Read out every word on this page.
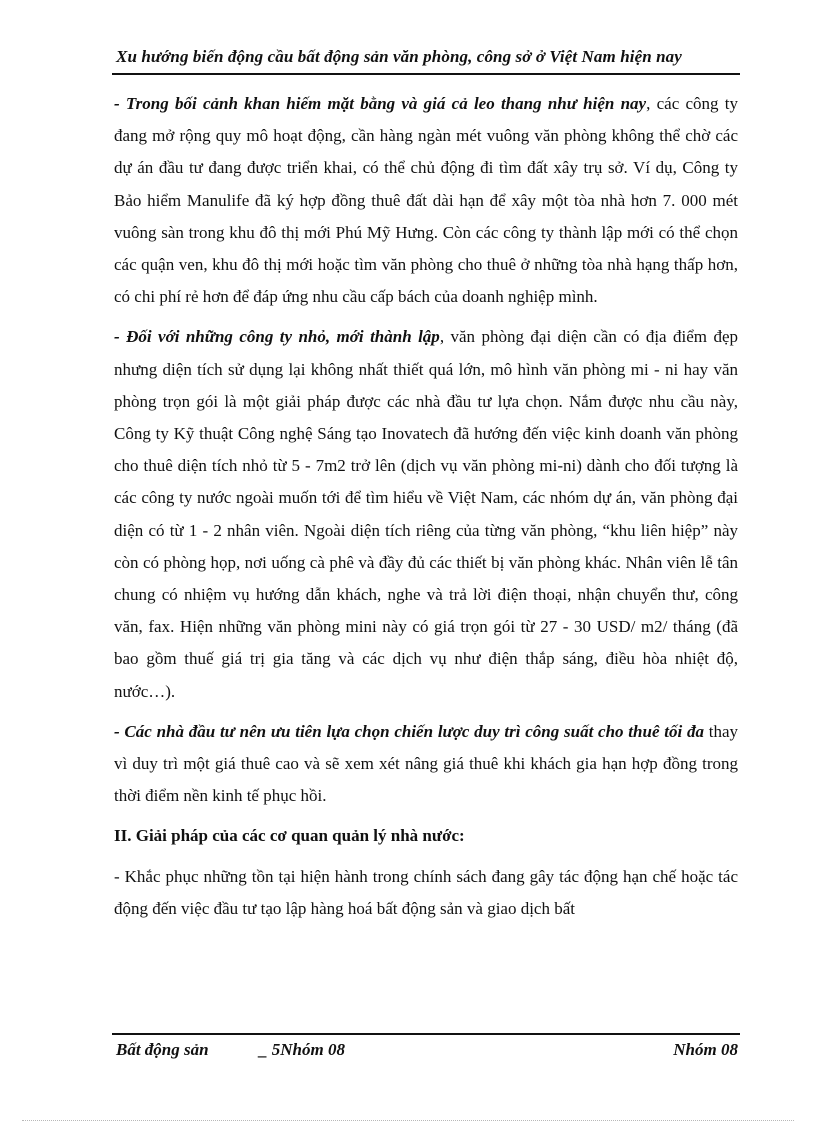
Xu hướng biến động cầu bất động sản văn phòng, công sở ở Việt Nam hiện nay

- Trong bối cảnh khan hiếm mặt bằng và giá cả leo thang như hiện nay, các công ty đang mở rộng quy mô hoạt động, cần hàng ngàn mét vuông văn phòng không thể chờ các dự án đầu tư đang được triển khai, có thể chủ động đi tìm đất xây trụ sở. Ví dụ, Công ty Bảo hiểm Manulife đã ký hợp đồng thuê đất dài hạn để xây một tòa nhà hơn 7. 000 mét vuông sàn trong khu đô thị mới Phú Mỹ Hưng. Còn các công ty thành lập mới có thể chọn các quận ven, khu đô thị mới hoặc tìm văn phòng cho thuê ở những tòa nhà hạng thấp hơn, có chi phí rẻ hơn để đáp ứng nhu cầu cấp bách của doanh nghiệp mình.

- Đối với những công ty nhỏ, mới thành lập, văn phòng đại diện cần có địa điểm đẹp nhưng diện tích sử dụng lại không nhất thiết quá lớn, mô hình văn phòng mi - ni hay văn phòng trọn gói là một giải pháp được các nhà đầu tư lựa chọn. Nắm được nhu cầu này, Công ty Kỹ thuật Công nghệ Sáng tạo Inovatech đã hướng đến việc kinh doanh văn phòng cho thuê diện tích nhỏ từ 5 - 7m2 trở lên (dịch vụ văn phòng mi-ni) dành cho đối tượng là các công ty nước ngoài muốn tới để tìm hiểu về Việt Nam, các nhóm dự án, văn phòng đại diện có từ 1 - 2 nhân viên. Ngoài diện tích riêng của từng văn phòng, “khu liên hiệp” này còn có phòng họp, nơi uống cà phê và đầy đủ các thiết bị văn phòng khác. Nhân viên lễ tân chung có nhiệm vụ hướng dẫn khách, nghe và trả lời điện thoại, nhận chuyển thư, công văn, fax. Hiện những văn phòng mini này có giá trọn gói từ 27 - 30 USD/ m2/ tháng (đã bao gồm thuế giá trị gia tăng và các dịch vụ như điện thắp sáng, điều hòa nhiệt độ, nước…).

- Các nhà đầu tư nên ưu tiên lựa chọn chiến lược duy trì công suất cho thuê tối đa thay vì duy trì một giá thuê cao và sẽ xem xét nâng giá thuê khi khách gia hạn hợp đồng trong thời điểm nền kinh tế phục hồi.

II. Giải pháp của các cơ quan quản lý nhà nước:

- Khắc phục những tồn tại hiện hành trong chính sách đang gây tác động hạn chế hoặc tác động đến việc đầu tư tạo lập hàng hoá bất động sản và giao dịch bất

Bất động sản	_ 5Nhóm 08	Nhóm 08
